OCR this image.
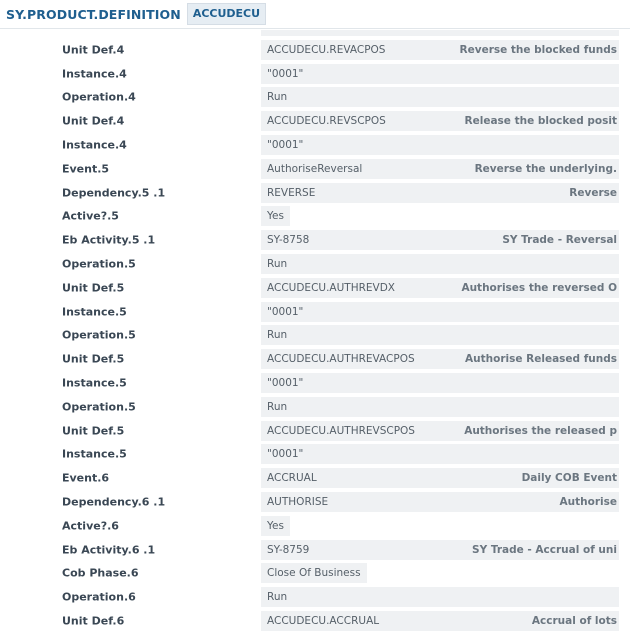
SY.PRODUCT.DEFINITION	ACCUDECU
Unit Def.4	ACCUDECU.REVACPOS	Reverse the blocked funds
Instance.4	"0001"
Operation.4	Run
Unit Def.4	ACCUDECU.REVSCPOS	Release the blocked posit
Instance.4	"0001"
Event.5	AuthoriseReversal	Reverse the underlying.
Dependency.5 .1	REVERSE	Reverse
Active?.5	Yes
Eb Activity.5 .1	SY-8758	SY Trade - Reversal
Operation.5	Run
Unit Def.5	ACCUDECU.AUTHREVDX	Authorises the reversed O
Instance.5	"0001"
Operation.5	Run
Unit Def.5	ACCUDECU.AUTHREVACPOS	Authorise Released funds
Instance.5	"0001"
Operation.5	Run
Unit Def.5	ACCUDECU.AUTHREVSCPOS	Authorises the released p
Instance.5	"0001"
Event.6	ACCRUAL	Daily COB Event
Dependency.6 .1	AUTHORISE	Authorise
Active?.6	Yes
Eb Activity.6 .1	SY-8759	SY Trade - Accrual of uni
Cob Phase.6	Close Of Business
Operation.6	Run
Unit Def.6	ACCUDECU.ACCRUAL	Accrual of lots
